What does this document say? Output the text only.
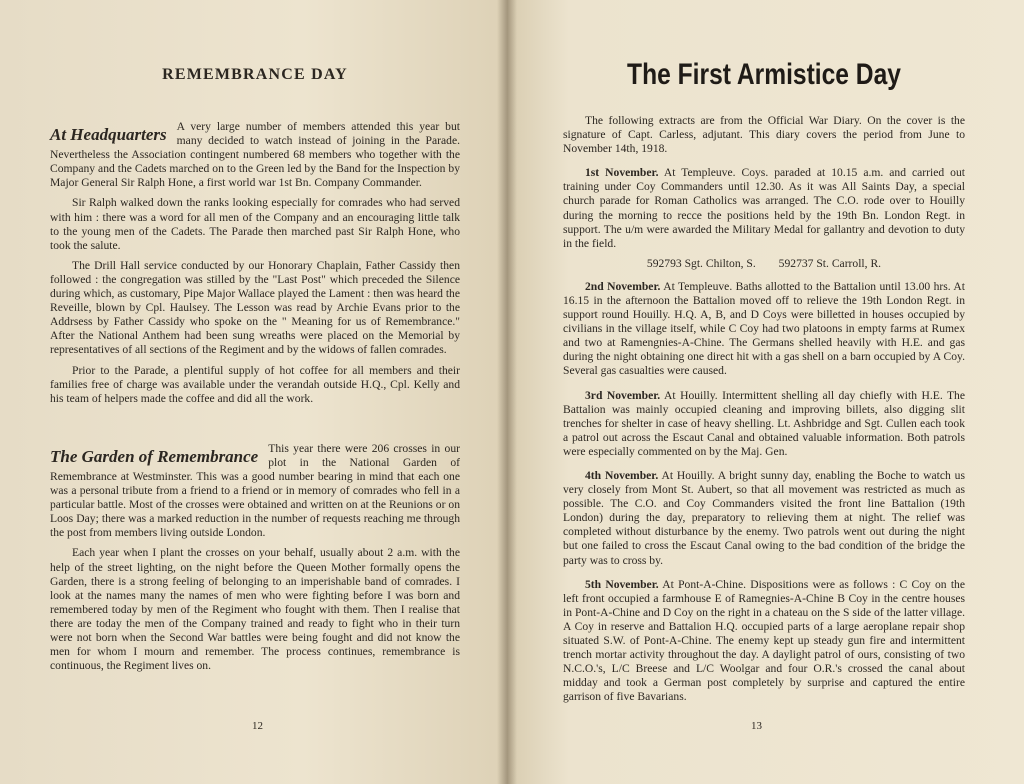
REMEMBRANCE DAY
At Headquarters A very large number of members attended this year but many decided to watch instead of joining in the Parade. Nevertheless the Association contingent numbered 68 members who together with the Company and the Cadets marched on to the Green led by the Band for the Inspection by Major General Sir Ralph Hone, a first world war 1st Bn. Company Commander.

Sir Ralph walked down the ranks looking especially for comrades who had served with him : there was a word for all men of the Company and an encouraging little talk to the young men of the Cadets. The Parade then marched past Sir Ralph Hone, who took the salute.

The Drill Hall service conducted by our Honorary Chaplain, Father Cassidy then followed : the congregation was stilled by the "Last Post" which preceded the Silence during which, as customary, Pipe Major Wallace played the Lament : then was heard the Reveille, blown by Cpl. Haulsey. The Lesson was read by Archie Evans prior to the Addrsess by Father Cassidy who spoke on the " Meaning for us of Remembrance." After the National Anthem had been sung wreaths were placed on the Memorial by representatives of all sections of the Regiment and by the widows of fallen comrades.

Prior to the Parade, a plentiful supply of hot coffee for all members and their families free of charge was available under the verandah outside H.Q., Cpl. Kelly and his team of helpers made the coffee and did all the work.

The Garden of Remembrance This year there were 206 crosses in our plot in the National Garden of Remembrance at Westminster. This was a good number bearing in mind that each one was a personal tribute from a friend to a friend or in memory of comrades who fell in a particular battle. Most of the crosses were obtained and written on at the Reunions or on Loos Day; there was a marked reduction in the number of requests reaching me through the post from members living outside London.

Each year when I plant the crosses on your behalf, usually about 2 a.m. with the help of the street lighting, on the night before the Queen Mother formally opens the Garden, there is a strong feeling of belonging to an imperishable band of comrades. I look at the names many the names of men who were fighting before I was born and remembered today by men of the Regiment who fought with them. Then I realise that there are today the men of the Company trained and ready to fight who in their turn were not born when the Second War battles were being fought and did not know the men for whom I mourn and remember. The process continues, remembrance is continuous, the Regiment lives on.

12
The First Armistice Day

The following extracts are from the Official War Diary. On the cover is the signature of Capt. Carless, adjutant. This diary covers the period from June to November 14th, 1918.

1st November. At Templeuve. Coys. paraded at 10.15 a.m. and carried out training under Coy Commanders until 12.30. As it was All Saints Day, a special church parade for Roman Catholics was arranged. The C.O. rode over to Houilly during the morning to recce the positions held by the 19th Bn. London Regt. in support. The u/m were awarded the Military Medal for gallantry and devotion to duty in the field.

592793 Sgt. Chilton, S. 592737 St. Carroll, R.

2nd November. At Templeuve. Baths allotted to the Battalion until 13.00 hrs. At 16.15 in the afternoon the Battalion moved off to relieve the 19th London Regt. in support round Houilly. H.Q. A, B, and D Coys were billetted in houses occupied by civilians in the village itself, while C Coy had two platoons in empty farms at Rumex and two at Ramengnies-A-Chine. The Germans shelled heavily with H.E. and gas during the night obtaining one direct hit with a gas shell on a barn occupied by A Coy. Several gas casualties were caused.

3rd November. At Houilly. Intermittent shelling all day chiefly with H.E. The Battalion was mainly occupied cleaning and improving billets, also digging slit trenches for shelter in case of heavy shelling. Lt. Ashbridge and Sgt. Cullen each took a patrol out across the Escaut Canal and obtained valuable information. Both patrols were especially commented on by the Maj. Gen.

4th November. At Houilly. A bright sunny day, enabling the Boche to watch us very closely from Mont St. Aubert, so that all movement was restricted as much as possible. The C.O. and Coy Commanders visited the front line Battalion (19th London) during the day, preparatory to relieving them at night. The relief was completed without disturbance by the enemy. Two patrols went out during the night but one failed to cross the Escaut Canal owing to the bad condition of the bridge the party was to cross by.

5th November. At Pont-A-Chine. Dispositions were as follows : C Coy on the left front occupied a farmhouse E of Ramegnies-A-Chine B Coy in the centre houses in Pont-A-Chine and D Coy on the right in a chateau on the S side of the latter village. A Coy in reserve and Battalion H.Q. occupied parts of a large aeroplane repair shop situated S.W. of Pont-A-Chine. The enemy kept up steady gun fire and intermittent trench mortar activity throughout the day. A daylight patrol of ours, consisting of two N.C.O.'s, L/C Breese and L/C Woolgar and four O.R.'s crossed the canal about midday and took a German post completely by surprise and captured the entire garrison of five Bavarians.

13
